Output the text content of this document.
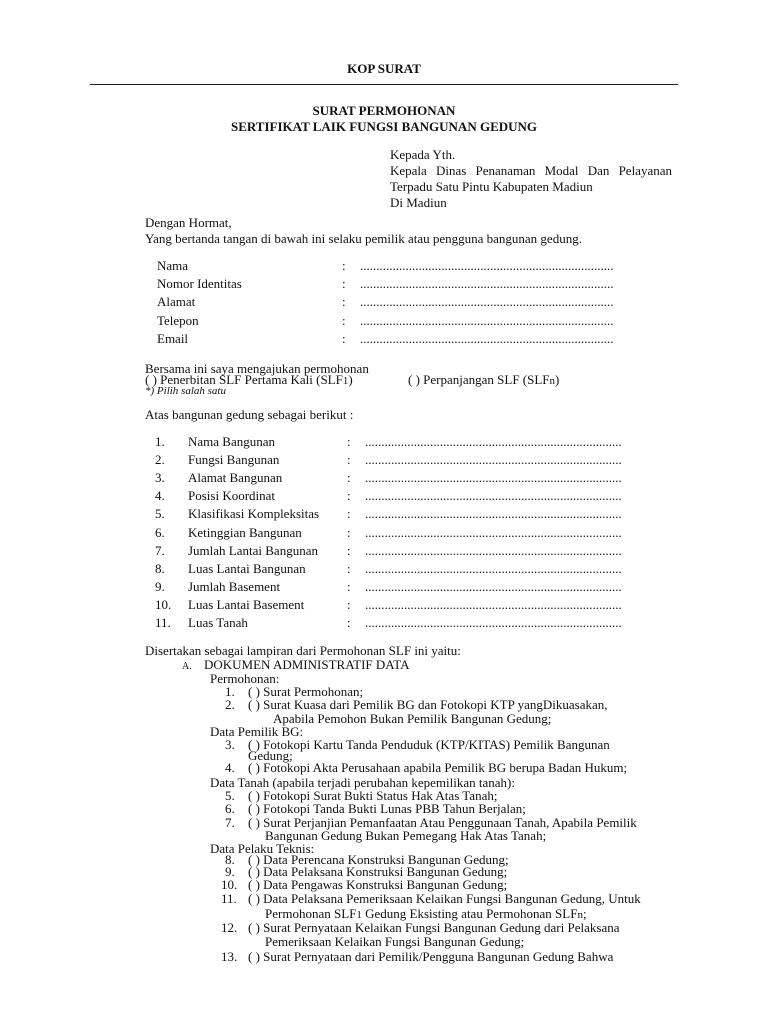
KOP SURAT
SURAT PERMOHONAN
SERTIFIKAT LAIK FUNGSI BANGUNAN GEDUNG
Kepada Yth.
Kepala Dinas Penanaman Modal Dan Pelayanan
Terpadu Satu Pintu Kabupaten Madiun
Di Madiun
Dengan Hormat,
Yang bertanda tangan di bawah ini selaku pemilik atau pengguna bangunan gedung.
Nama	: ..............................................................................
Nomor Identitas	: ..............................................................................
Alamat	: ..............................................................................
Telepon	: ..............................................................................
Email	: ..............................................................................
Bersama ini saya mengajukan permohonan
( ) Penerbitan SLF Pertama Kali (SLF1)	( ) Perpanjangan SLF (SLFn)
*) Pilih salah satu
Atas bangunan gedung sebagai berikut :
1. Nama Bangunan	: ...............................................................................
2. Fungsi Bangunan	: ...............................................................................
3. Alamat Bangunan	: ...............................................................................
4. Posisi Koordinat	: ...............................................................................
5. Klasifikasi Kompleksitas : ...............................................................................
6. Ketinggian Bangunan	: ...............................................................................
7. Jumlah Lantai Bangunan : ...............................................................................
8. Luas Lantai Bangunan	: ...............................................................................
9. Jumlah Basement	: ...............................................................................
10. Luas Lantai Basement	: ...............................................................................
11. Luas Tanah	: ...............................................................................
Disertakan sebagai lampiran dari Permohonan SLF ini yaitu:
A. DOKUMEN ADMINISTRATIF DATA
Permohonan:
1. ( ) Surat Permohonan;
2. ( ) Surat Kuasa dari Pemilik BG dan Fotokopi KTP yangDikuasakan,
Apabila Pemohon Bukan Pemilik Bangunan Gedung;
Data Pemilik BG:
3. ( ) Fotokopi Kartu Tanda Penduduk (KTP/KITAS) Pemilik Bangunan
Gedung;
4. ( ) Fotokopi Akta Perusahaan apabila Pemilik BG berupa Badan Hukum;
Data Tanah (apabila terjadi perubahan kepemilikan tanah):
5. ( ) Fotokopi Surat Bukti Status Hak Atas Tanah;
6. ( ) Fotokopi Tanda Bukti Lunas PBB Tahun Berjalan;
7. ( ) Surat Perjanjian Pemanfaatan Atau Penggunaan Tanah, Apabila Pemilik
Bangunan Gedung Bukan Pemegang Hak Atas Tanah;
Data Pelaku Teknis:
8. ( ) Data Perencana Konstruksi Bangunan Gedung;
9. ( ) Data Pelaksana Konstruksi Bangunan Gedung;
10. ( ) Data Pengawas Konstruksi Bangunan Gedung;
11. ( ) Data Pelaksana Pemeriksaan Kelaikan Fungsi Bangunan Gedung, Untuk
Permohonan SLF1 Gedung Eksisting atau Permohonan SLFn;
12. ( ) Surat Pernyataan Kelaikan Fungsi Bangunan Gedung dari Pelaksana
Pemeriksaan Kelaikan Fungsi Bangunan Gedung;
13. ( ) Surat Pernyataan dari Pemilik/Pengguna Bangunan Gedung Bahwa
